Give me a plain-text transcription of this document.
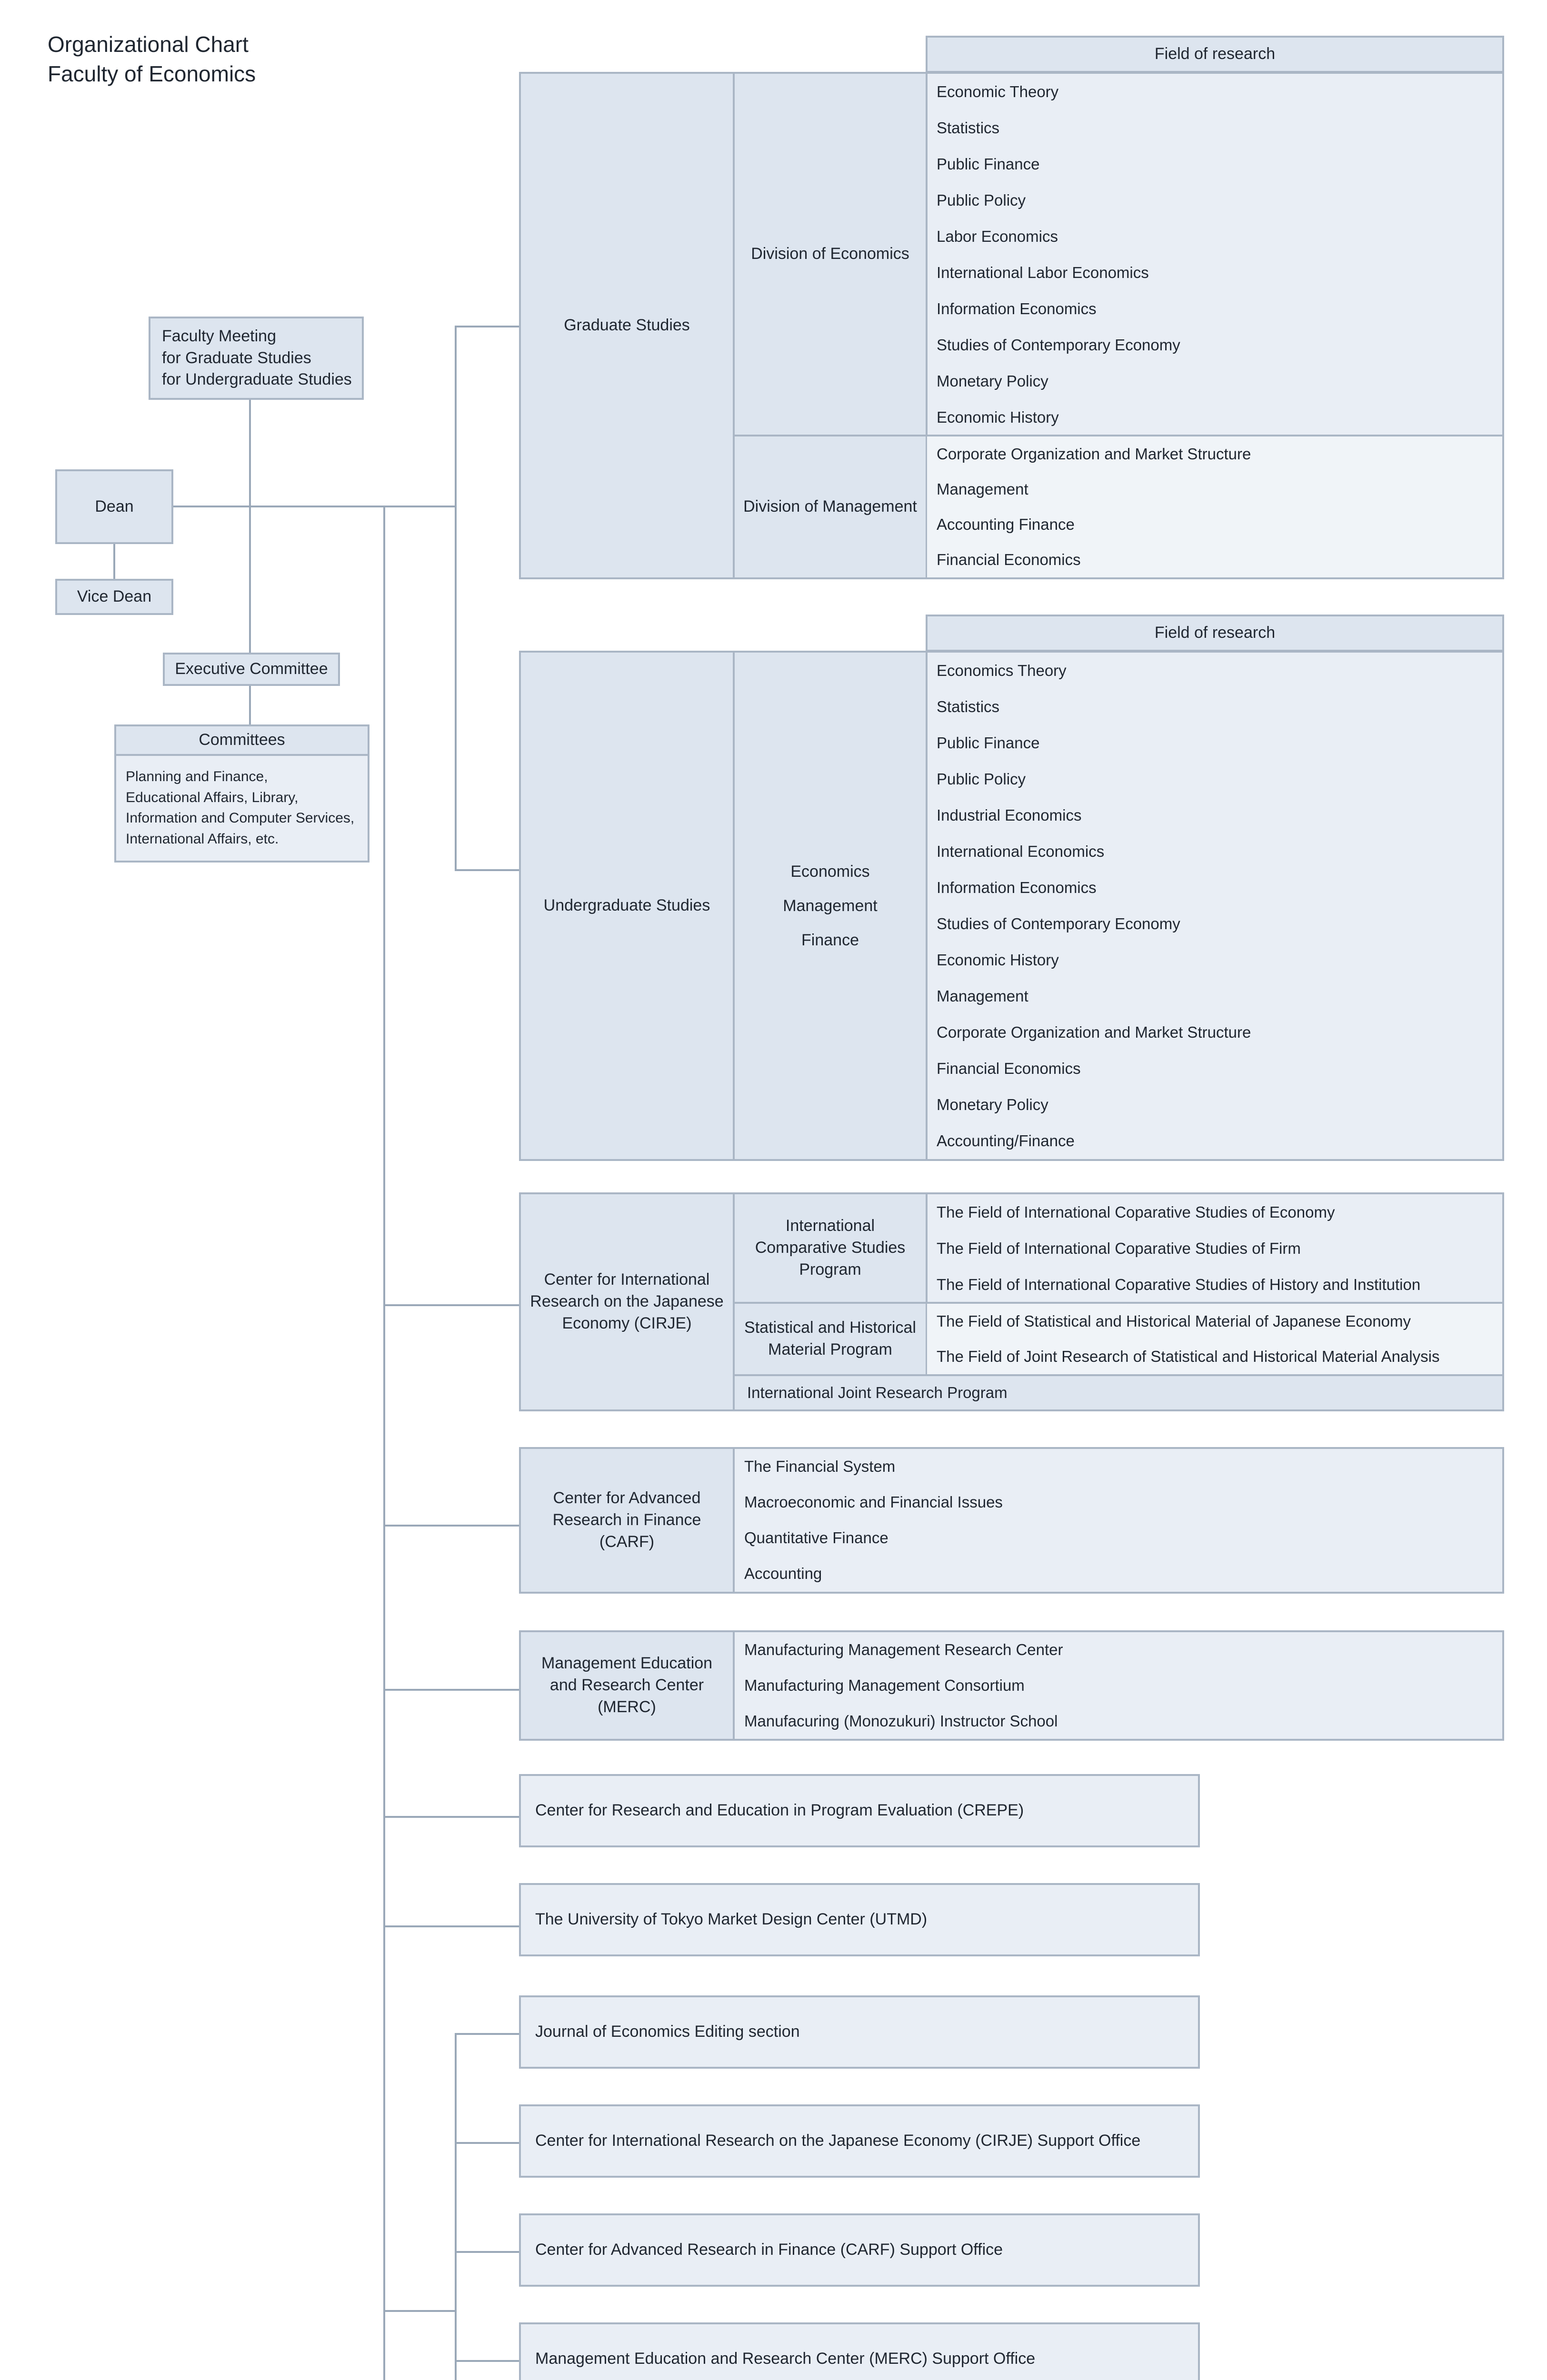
Organizational Chart
Faculty of Economics
Faculty Meeting
for Graduate Studies
for Undergraduate Studies
Dean
Vice Dean
Executive Committee
Committees
Planning and Finance,
Educational Affairs, Library,
Information and Computer Services,
International Affairs, etc.
Field of research
Graduate Studies
Division of Economics
Division of Management
Economic Theory
Statistics
Public Finance
Public Policy
Labor Economics
International Labor Economics
Information Economics
Studies of Contemporary Economy
Monetary Policy
Economic History
Corporate Organization and Market Structure
Management
Accounting Finance
Financial Economics
Field of research
Undergraduate Studies
Economics
Management
Finance
Economics Theory
Statistics
Public Finance
Public Policy
Industrial Economics
International Economics
Information Economics
Studies of Contemporary Economy
Economic History
Management
Corporate Organization and Market Structure
Financial Economics
Monetary Policy
Accounting/Finance
Center for International
Research on the Japanese
Economy (CIRJE)
International
Comparative Studies
Program
The Field of International Coparative Studies of Economy
The Field of International Coparative Studies of Firm
The Field of International Coparative Studies of History and Institution
Statistical and Historical
Material Program
The Field of Statistical and Historical Material of Japanese Economy
The Field of Joint Research of Statistical and Historical Material Analysis
International Joint Research Program
Center for Advanced
Research in Finance
(CARF)
The Financial System
Macroeconomic and Financial Issues
Quantitative Finance
Accounting
Management Education
and Research Center
(MERC)
Manufacturing Management Research Center
Manufacturing Management Consortium
Manufacuring (Monozukuri) Instructor School
Center for Research and Education in Program Evaluation (CREPE)
The University of Tokyo Market Design Center (UTMD)
Journal of Economics Editing section
Center for International Research on the Japanese Economy (CIRJE) Support Office
Center for Advanced Research in Finance (CARF) Support Office
Management Education and Research Center (MERC) Support Office
